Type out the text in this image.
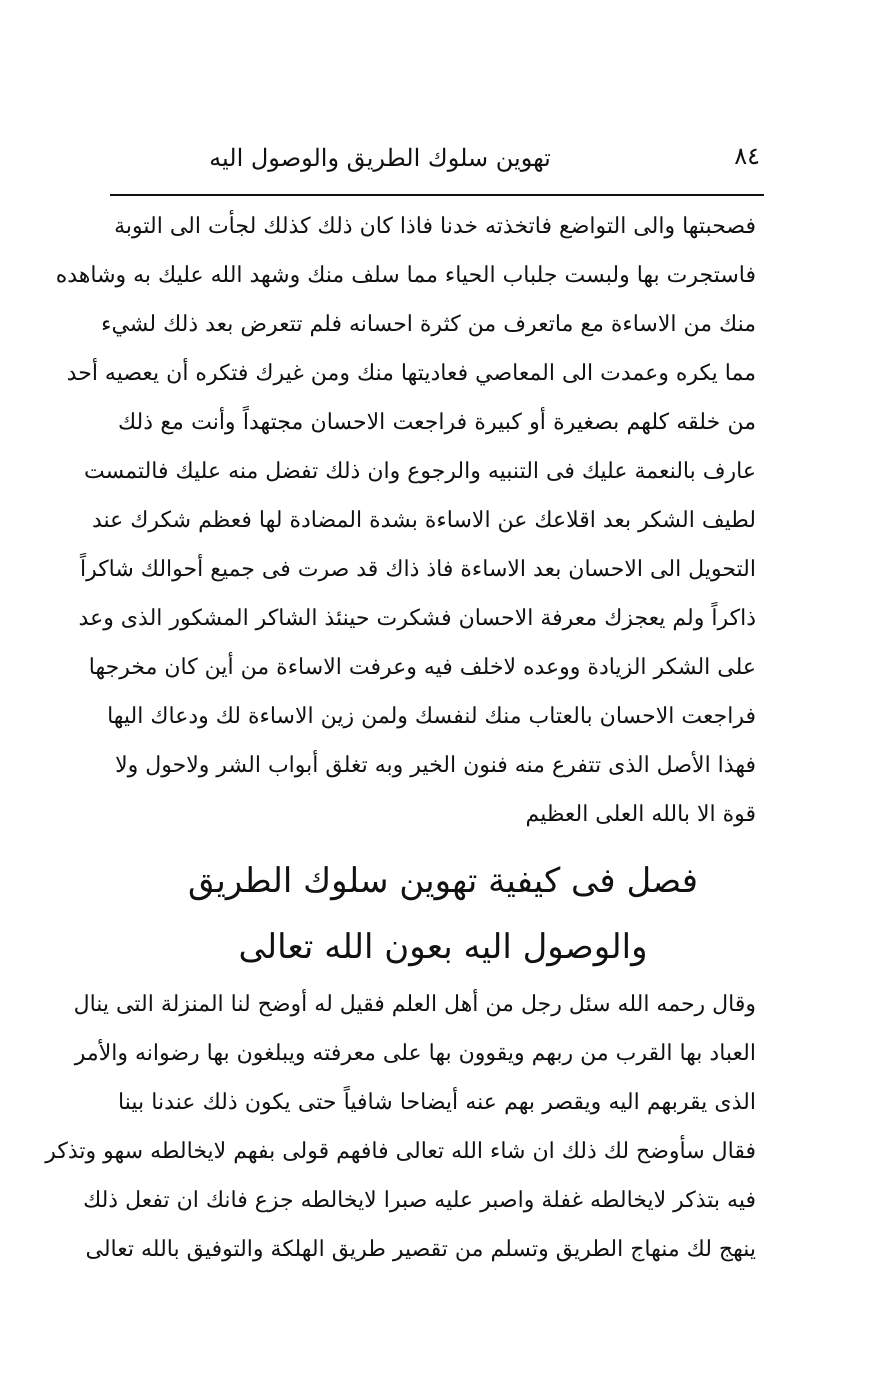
تهوين سلوك الطريق والوصول اليه	٨٤
فصحبتها والى التواضع فاتخذته خدنا فاذا كان ذلك كذلك لجأت الى التوبة
فاستجرت بها ولبست جلباب الحياء مما سلف منك وشهد الله عليك به وشاهده
منك من الاساءة مع ماتعرف من كثرة احسانه فلم تتعرض بعد ذلك لشيء
مما يكره وعمدت الى المعاصي فعاديتها منك ومن غيرك فتكره أن يعصيه أحد
من خلقه كلهم بصغيرة أو كبيرة فراجعت الاحسان مجتهداً وأنت مع ذلك
عارف بالنعمة عليك فى التنبيه والرجوع وان ذلك تفضل منه عليك فالتمست
لطيف الشكر بعد اقلاعك عن الاساءة بشدة المضادة لها فعظم شكرك عند
التحويل الى الاحسان بعد الاساءة فاذ ذاك قد صرت فى جميع أحوالك شاكراً
ذاكراً ولم يعجزك معرفة الاحسان فشكرت حينئذ الشاكر المشكور الذى وعد
على الشكر الزيادة ووعده لاخلف فيه وعرفت الاساءة من أين كان مخرجها
فراجعت الاحسان بالعتاب منك لنفسك ولمن زين الاساءة لك ودعاك اليها
فهذا الأصل الذى تتفرع منه فنون الخير وبه تغلق أبواب الشر ولاحول ولا
قوة الا بالله العلى العظيم
فصل فى كيفية تهوين سلوك الطريق
والوصول اليه بعون الله تعالى
وقال رحمه الله سئل رجل من أهل العلم فقيل له أوضح لنا المنزلة التى ينال
العباد بها القرب من ربهم ويقوون بها على معرفته ويبلغون بها رضوانه والأمر
الذى يقربهم اليه ويقصر بهم عنه أيضاحا شافياً حتى يكون ذلك عندنا بينا
فقال سأوضح لك ذلك ان شاء الله تعالى فافهم قولى بفهم لايخالطه سهو وتذكر
فيه بتذكر لايخالطه غفلة واصبر عليه صبرا لايخالطه جزع فانك ان تفعل ذلك
ينهج لك منهاج الطريق وتسلم من تقصير طريق الهلكة والتوفيق بالله تعالى
